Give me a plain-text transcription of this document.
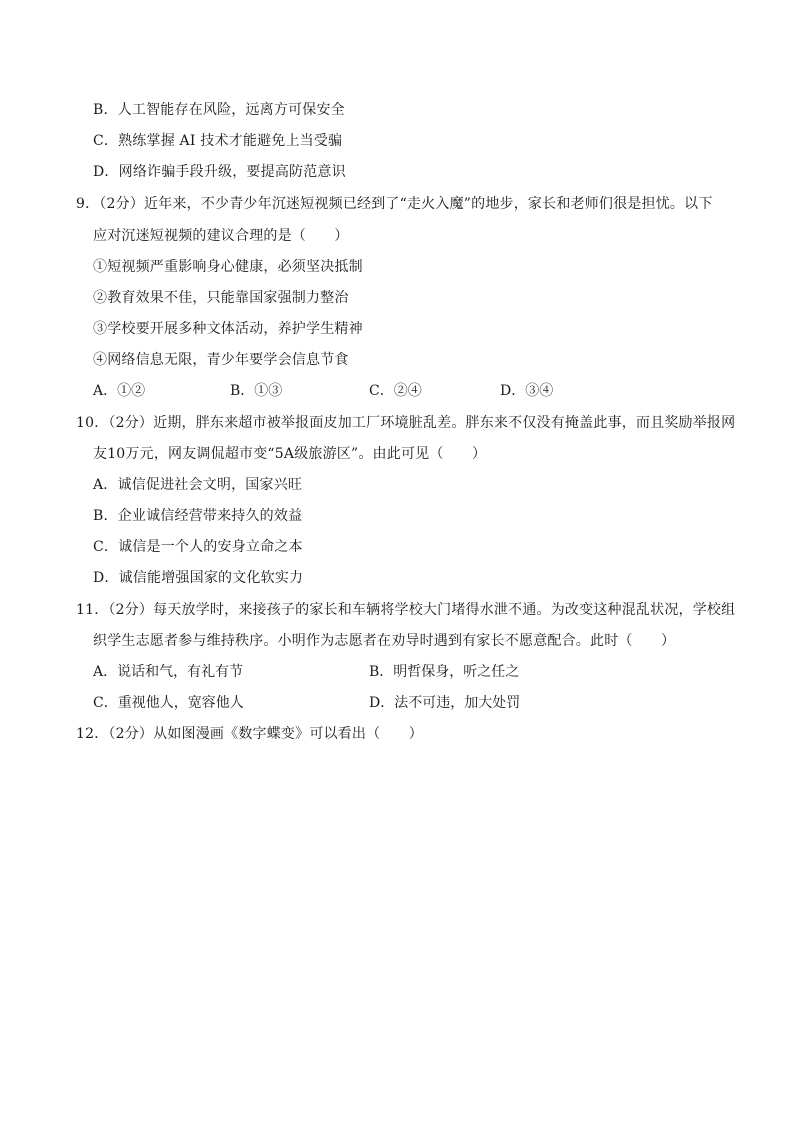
B．人工智能存在风险，远离方可保安全
C．熟练掌握 AI 技术才能避免上当受骗
D．网络诈骗手段升级，要提高防范意识
9．（2分）近年来，不少青少年沉迷短视频已经到了“走火入魔”的地步，家长和老师们很是担忧。以下
应对沉迷短视频的建议合理的是（　　）
①短视频严重影响身心健康，必须坚决抵制
②教育效果不佳，只能靠国家强制力整治
③学校要开展多种文体活动，养护学生精神
④网络信息无限，青少年要学会信息节食
A．①②	B．①③	C．②④	D．③④
10．（2分）近期，胖东来超市被举报面皮加工厂环境脏乱差。胖东来不仅没有掩盖此事，而且奖励举报网
友10万元，网友调侃超市变“5A级旅游区”。由此可见（　　）
A．诚信促进社会文明，国家兴旺
B．企业诚信经营带来持久的效益
C．诚信是一个人的安身立命之本
D．诚信能增强国家的文化软实力
11．（2分）每天放学时，来接孩子的家长和车辆将学校大门堵得水泄不通。为改变这种混乱状况，学校组
织学生志愿者参与维持秩序。小明作为志愿者在劝导时遇到有家长不愿意配合。此时（　　）
A．说话和气，有礼有节	B．明哲保身，听之任之
C．重视他人，宽容他人	D．法不可违，加大处罚
12．（2分）从如图漫画《数字蝶变》可以看出（　　）
